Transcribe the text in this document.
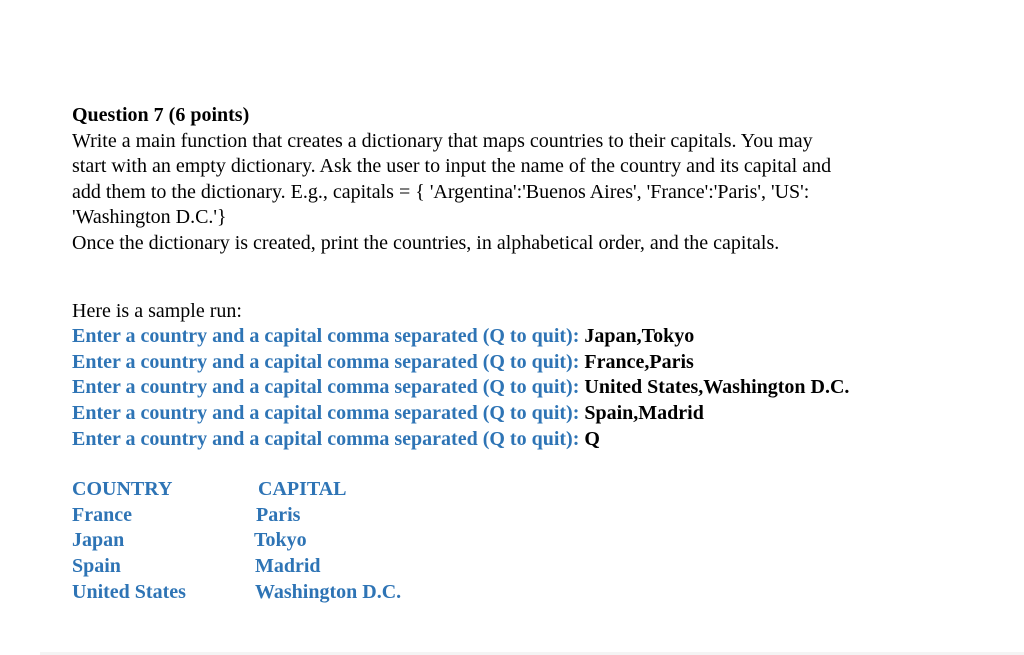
Question 7 (6 points)
Write a main function that creates a dictionary that maps countries to their capitals. You may
start with an empty dictionary. Ask the user to input the name of the country and its capital and
add them to the dictionary. E.g., capitals = { 'Argentina':'Buenos Aires', 'France':'Paris', 'US':
'Washington D.C.'}
Once the dictionary is created, print the countries, in alphabetical order, and the capitals.
Here is a sample run:
Enter a country and a capital comma separated (Q to quit): Japan,Tokyo
Enter a country and a capital comma separated (Q to quit): France,Paris
Enter a country and a capital comma separated (Q to quit): United States,Washington D.C.
Enter a country and a capital comma separated (Q to quit): Spain,Madrid
Enter a country and a capital comma separated (Q to quit): Q
COUNTRY	CAPITAL
France	Paris
Japan	Tokyo
Spain	Madrid
United States	Washington D.C.
